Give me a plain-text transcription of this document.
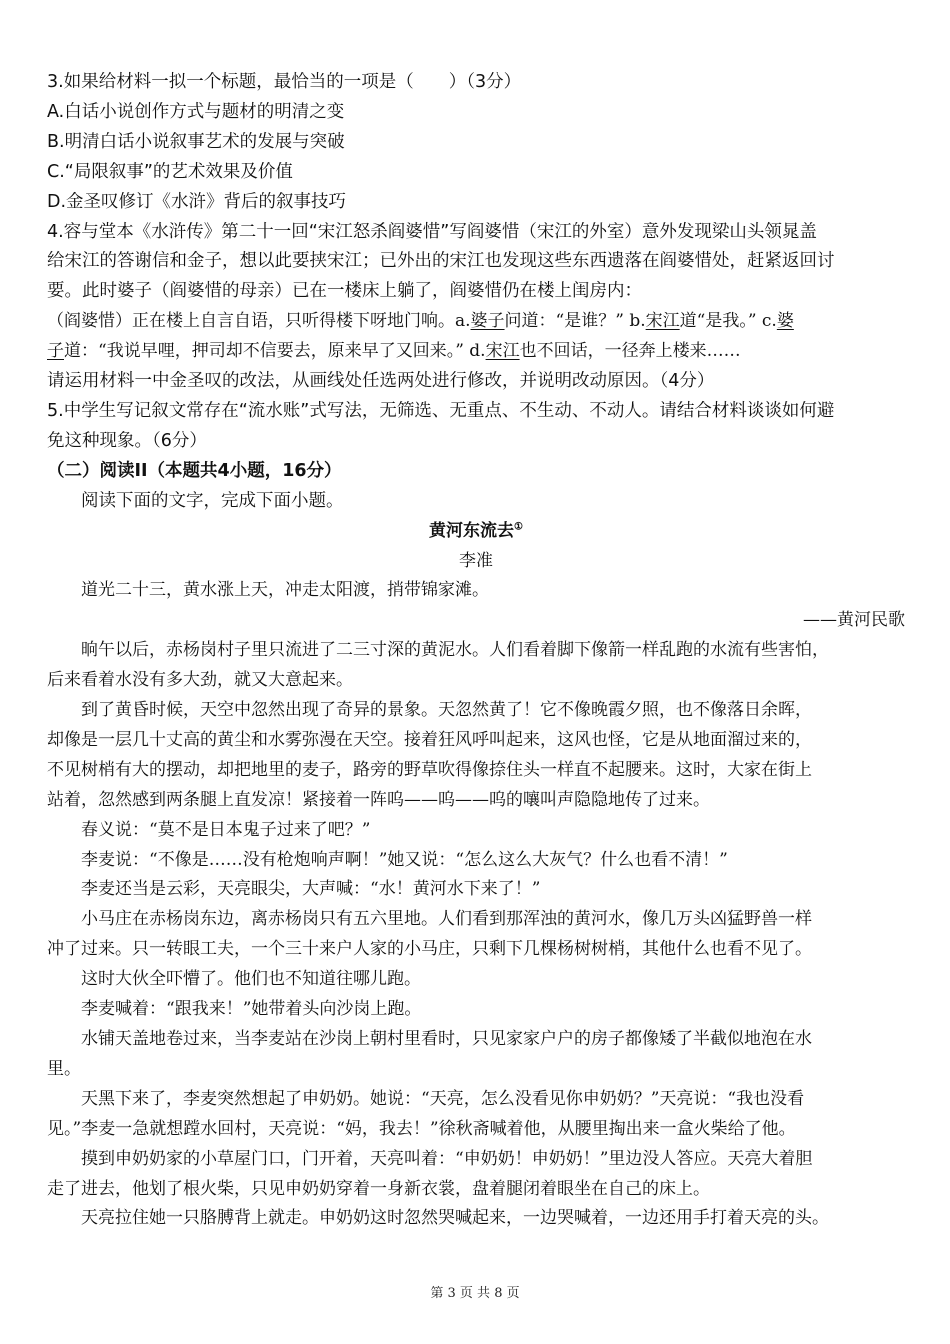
3.如果给材料一拟一个标题，最恰当的一项是（　　）（3分）

A.白话小说创作方式与题材的明清之变

B.明清白话小说叙事艺术的发展与突破

C.“局限叙事”的艺术效果及价值

D.金圣叹修订《水浒》背后的叙事技巧

4.容与堂本《水浒传》第二十一回“宋江怒杀阎婆惜”写阎婆惜（宋江的外室）意外发现梁山头领晁盖

给宋江的答谢信和金子，想以此要挟宋江；已外出的宋江也发现这些东西遗落在阎婆惜处，赶紧返回讨

要。此时婆子（阎婆惜的母亲）已在一楼床上躺了，阎婆惜仍在楼上闺房内：

（阎婆惜）正在楼上自言自语，只听得楼下呀地门响。a.婆子问道：“是谁？” b.宋江道“是我。” c.婆

子道：“我说早哩，押司却不信要去，原来早了又回来。” d.宋江也不回话，一径奔上楼来……

请运用材料一中金圣叹的改法，从画线处任选两处进行修改，并说明改动原因。（4分）

5.中学生写记叙文常存在“流水账”式写法，无筛选、无重点、不生动、不动人。请结合材料谈谈如何避

免这种现象。（6分）

（二）阅读II（本题共4小题，16分）

阅读下面的文字，完成下面小题。

黄河东流去①

李准

道光二十三，黄水涨上天，冲走太阳渡，捎带锦家滩。

——黄河民歌

晌午以后，赤杨岗村子里只流进了二三寸深的黄泥水。人们看着脚下像箭一样乱跑的水流有些害怕，

后来看着水没有多大劲，就又大意起来。

到了黄昏时候，天空中忽然出现了奇异的景象。天忽然黄了！它不像晚霞夕照，也不像落日余晖，

却像是一层几十丈高的黄尘和水雾弥漫在天空。接着狂风呼叫起来，这风也怪，它是从地面溜过来的，

不见树梢有大的摆动，却把地里的麦子，路旁的野草吹得像捺住头一样直不起腰来。这时，大家在街上

站着，忽然感到两条腿上直发凉！紧接着一阵呜——呜——呜的嚷叫声隐隐地传了过来。

春义说：“莫不是日本鬼子过来了吧？”

李麦说：“不像是……没有枪炮响声啊！”她又说：“怎么这么大灰气？什么也看不清！”

李麦还当是云彩，天亮眼尖，大声喊：“水！黄河水下来了！”

小马庄在赤杨岗东边，离赤杨岗只有五六里地。人们看到那浑浊的黄河水，像几万头凶猛野兽一样

冲了过来。只一转眼工夫，一个三十来户人家的小马庄，只剩下几棵杨树树梢，其他什么也看不见了。

这时大伙全吓懵了。他们也不知道往哪儿跑。

李麦喊着：“跟我来！”她带着头向沙岗上跑。

水铺天盖地卷过来，当李麦站在沙岗上朝村里看时，只见家家户户的房子都像矮了半截似地泡在水

里。

天黑下来了，李麦突然想起了申奶奶。她说：“天亮，怎么没看见你申奶奶？”天亮说：“我也没看

见。”李麦一急就想蹚水回村，天亮说：“妈，我去！”徐秋斋喊着他，从腰里掏出来一盒火柴给了他。

摸到申奶奶家的小草屋门口，门开着，天亮叫着：“申奶奶！申奶奶！”里边没人答应。天亮大着胆

走了进去，他划了根火柴，只见申奶奶穿着一身新衣裳，盘着腿闭着眼坐在自己的床上。

天亮拉住她一只胳膊背上就走。申奶奶这时忽然哭喊起来，一边哭喊着，一边还用手打着天亮的头。

第 3 页 共 8 页
